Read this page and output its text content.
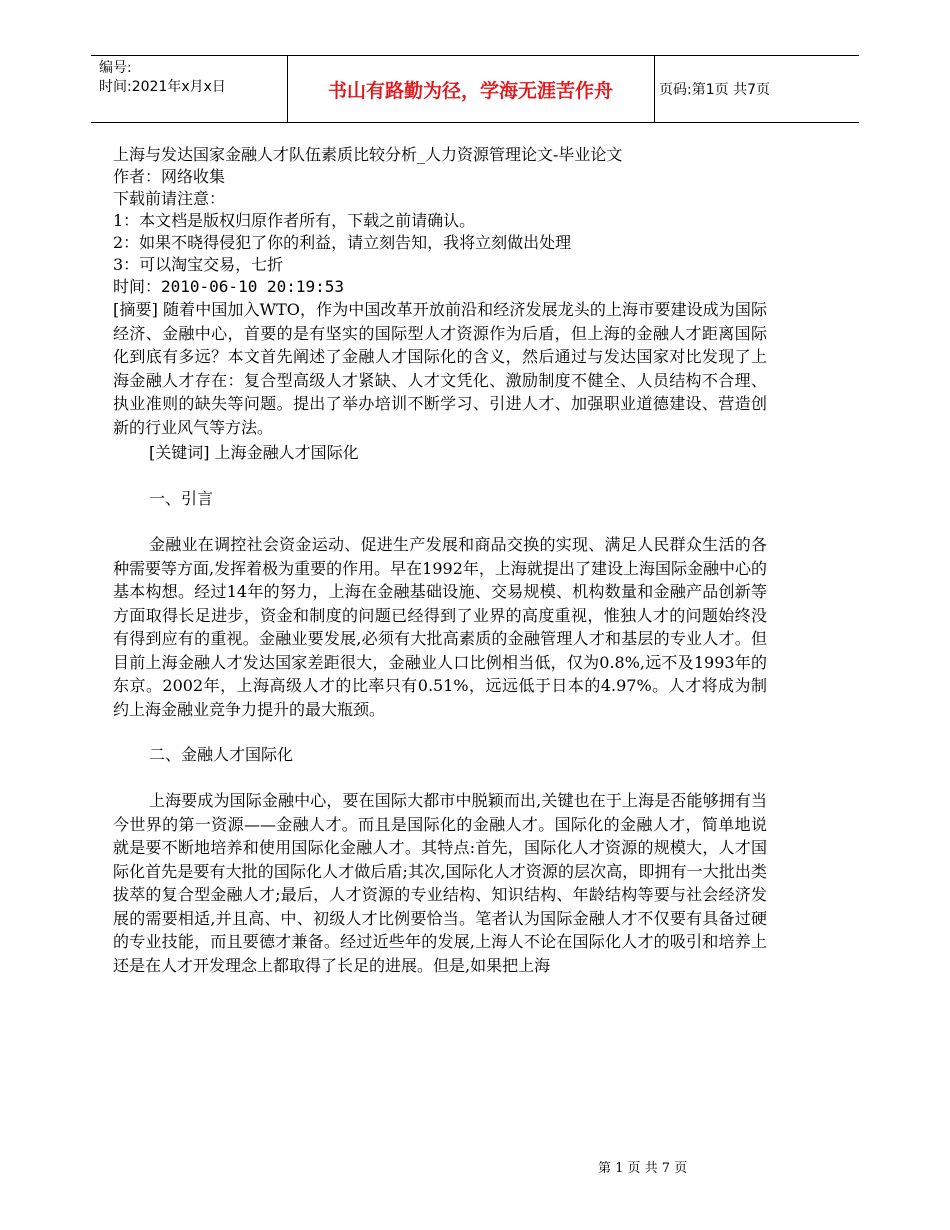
编号:
时间:2021年x月x日	书山有路勤为径，学海无涯苦作舟	页码:第1页 共7页
上海与发达国家金融人才队伍素质比较分析_人力资源管理论文-毕业论文
作者：网络收集
下载前请注意：
1：本文档是版权归原作者所有，下载之前请确认。
2：如果不晓得侵犯了你的利益，请立刻告知，我将立刻做出处理
3：可以淘宝交易，七折
时间：2010-06-10 20:19:53

[摘要] 随着中国加入WTO，作为中国改革开放前沿和经济发展龙头的上海市要建设成为国际经济、金融中心，首要的是有坚实的国际型人才资源作为后盾，但上海的金融人才距离国际化到底有多远？本文首先阐述了金融人才国际化的含义，然后通过与发达国家对比发现了上海金融人才存在：复合型高级人才紧缺、人才文凭化、激励制度不健全、人员结构不合理、执业准则的缺失等问题。提出了举办培训不断学习、引进人才、加强职业道德建设、营造创新的行业风气等方法。

[关键词] 上海金融人才国际化
一、引言

金融业在调控社会资金运动、促进生产发展和商品交换的实现、满足人民群众生活的各种需要等方面,发挥着极为重要的作用。早在1992年，上海就提出了建设上海国际金融中心的基本构想。经过14年的努力，上海在金融基础设施、交易规模、机构数量和金融产品创新等方面取得长足进步，资金和制度的问题已经得到了业界的高度重视，惟独人才的问题始终没有得到应有的重视。金融业要发展,必须有大批高素质的金融管理人才和基层的专业人才。但目前上海金融人才发达国家差距很大，金融业人口比例相当低，仅为0.8%,远不及1993年的东京。2002年，上海高级人才的比率只有0.51%，远远低于日本的4.97%。人才将成为制约上海金融业竞争力提升的最大瓶颈。

二、金融人才国际化

上海要成为国际金融中心，要在国际大都市中脱颖而出,关键也在于上海是否能够拥有当今世界的第一资源——金融人才。而且是国际化的金融人才。国际化的金融人才，简单地说就是要不断地培养和使用国际化金融人才。其特点:首先，国际化人才资源的规模大，人才国际化首先是要有大批的国际化人才做后盾;其次,国际化人才资源的层次高，即拥有一大批出类拔萃的复合型金融人才;最后，人才资源的专业结构、知识结构、年龄结构等要与社会经济发展的需要相适,并且高、中、初级人才比例要恰当。笔者认为国际金融人才不仅要有具备过硬的专业技能，而且要德才兼备。经过近些年的发展,上海人不论在国际化人才的吸引和培养上还是在人才开发理念上都取得了长足的进展。但是,如果把上海

第 1 页 共 7 页
